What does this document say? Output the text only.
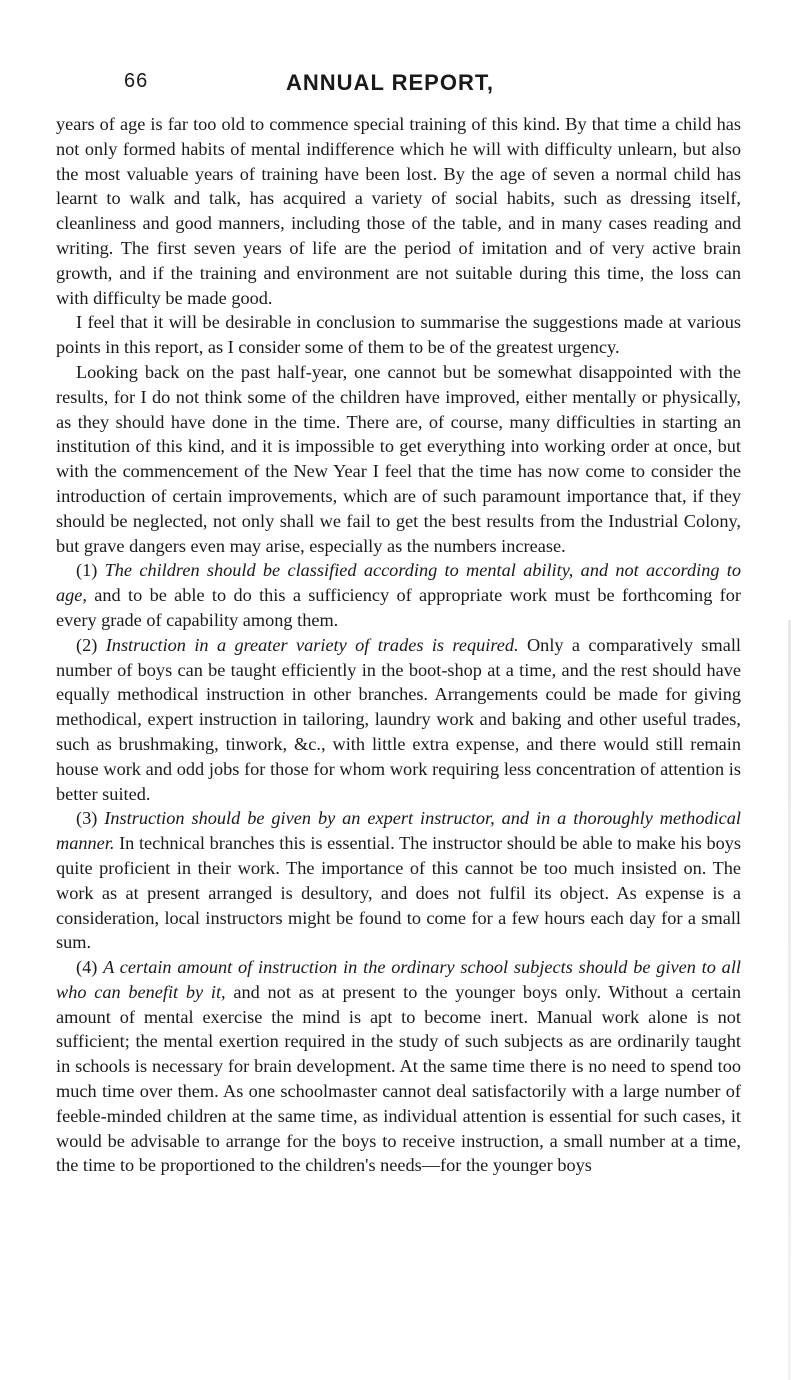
66	ANNUAL REPORT,

years of age is far too old to commence special training of this kind. By that time a child has not only formed habits of mental indifference which he will with difficulty unlearn, but also the most valuable years of training have been lost. By the age of seven a normal child has learnt to walk and talk, has acquired a variety of social habits, such as dressing itself, cleanliness and good manners, including those of the table, and in many cases reading and writing. The first seven years of life are the period of imitation and of very active brain growth, and if the training and environment are not suitable during this time, the loss can with difficulty be made good.

I feel that it will be desirable in conclusion to summarise the suggestions made at various points in this report, as I consider some of them to be of the greatest urgency.

Looking back on the past half-year, one cannot but be somewhat disappointed with the results, for I do not think some of the children have improved, either mentally or physically, as they should have done in the time. There are, of course, many difficulties in starting an institution of this kind, and it is impossible to get everything into working order at once, but with the commencement of the New Year I feel that the time has now come to consider the introduction of certain improvements, which are of such paramount importance that, if they should be neglected, not only shall we fail to get the best results from the Industrial Colony, but grave dangers even may arise, especially as the numbers increase.

(1) The children should be classified according to mental ability, and not according to age, and to be able to do this a sufficiency of appropriate work must be forthcoming for every grade of capability among them.

(2) Instruction in a greater variety of trades is required. Only a comparatively small number of boys can be taught efficiently in the boot-shop at a time, and the rest should have equally methodical instruction in other branches. Arrangements could be made for giving methodical, expert instruction in tailoring, laundry work and baking and other useful trades, such as brushmaking, tinwork, &c., with little extra expense, and there would still remain house work and odd jobs for those for whom work requiring less concentration of attention is better suited.

(3) Instruction should be given by an expert instructor, and in a thoroughly methodical manner. In technical branches this is essential. The instructor should be able to make his boys quite proficient in their work. The importance of this cannot be too much insisted on. The work as at present arranged is desultory, and does not fulfil its object. As expense is a consideration, local instructors might be found to come for a few hours each day for a small sum.

(4) A certain amount of instruction in the ordinary school subjects should be given to all who can benefit by it, and not as at present to the younger boys only. Without a certain amount of mental exercise the mind is apt to become inert. Manual work alone is not sufficient; the mental exertion required in the study of such subjects as are ordinarily taught in schools is necessary for brain development. At the same time there is no need to spend too much time over them. As one schoolmaster cannot deal satisfactorily with a large number of feeble-minded children at the same time, as individual attention is essential for such cases, it would be advisable to arrange for the boys to receive instruction, a small number at a time, the time to be proportioned to the children's needs—for the younger boys
